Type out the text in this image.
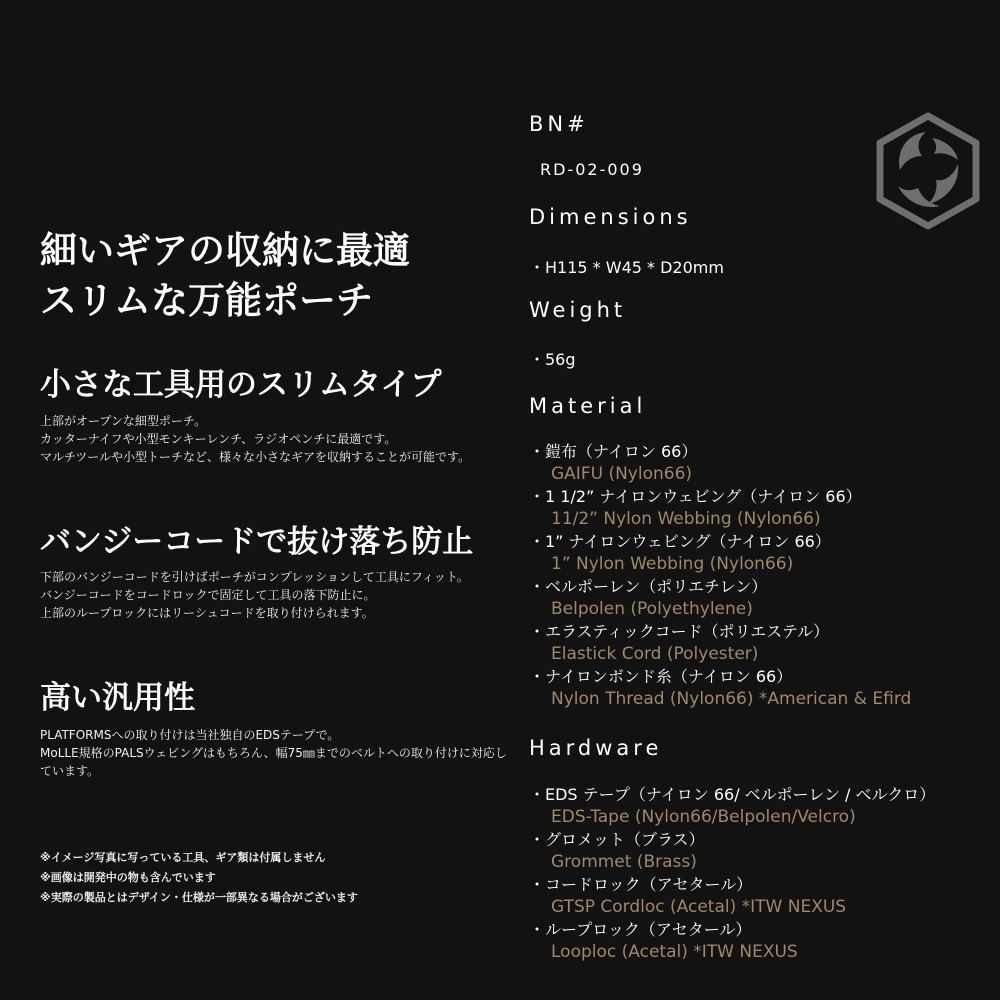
細いギアの収納に最適
スリムな万能ポーチ
小さな工具用のスリムタイプ

上部がオープンな細型ポーチ。

カッターナイフや小型モンキーレンチ、ラジオペンチに最適です。

マルチツールや小型トーチなど、様々な小さなギアを収納することが可能です。

バンジーコードで抜け落ち防止

下部のバンジーコードを引けばポーチがコンプレッションして工具にフィット。

バンジーコードをコードロックで固定して工具の落下防止に。

上部のループロックにはリーシュコードを取り付けられます。

高い汎用性

PLATFORMSへの取り付けは当社独自のEDSテープで。

MoLLE規格のPALSウェビングはもちろん、幅75㎜までのベルトへの取り付けに対応しています。

※イメージ写真に写っている工具、ギア類は付属しません

※画像は開発中の物も含んでいます

※実際の製品とはデザイン・仕様が一部異なる場合がございます

BN#
RD-02-009
Dimensions
・H115 * W45 * D20mm
Weight
・56g
Material
・鎧布（ナイロン 66）
GAIFU (Nylon66)
・1 1/2” ナイロンウェビング（ナイロン 66）
11/2” Nylon Webbing (Nylon66)
・1” ナイロンウェビング（ナイロン 66）
1” Nylon Webbing (Nylon66)
・ベルポーレン（ポリエチレン）
Belpolen (Polyethylene)
・エラスティックコード（ポリエステル）
Elastick Cord (Polyester)
・ナイロンボンド糸（ナイロン 66）
Nylon Thread (Nylon66) *American & Efird
Hardware
・EDS テープ（ナイロン 66/ ベルポーレン / ベルクロ）
EDS-Tape (Nylon66/Belpolen/Velcro)
・グロメット（ブラス）
Grommet (Brass)
・コードロック（アセタール）
GTSP Cordloc (Acetal) *ITW NEXUS
・ループロック（アセタール）
Looploc (Acetal) *ITW NEXUS
